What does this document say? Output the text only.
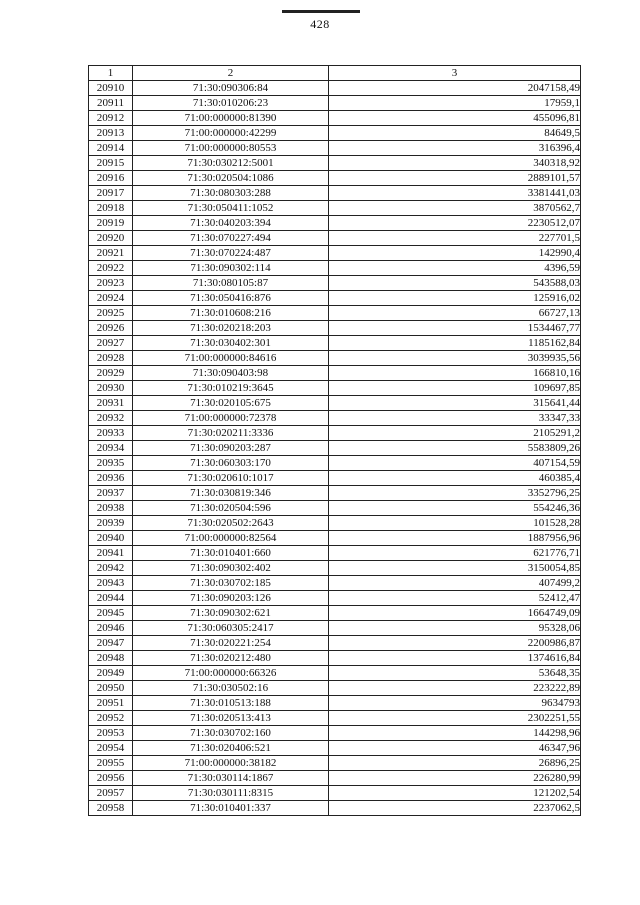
428
1	2	3
20910	71:30:090306:84	2047158,49
20911	71:30:010206:23	17959,1
20912	71:00:000000:81390	455096,81
20913	71:00:000000:42299	84649,5
20914	71:00:000000:80553	316396,4
20915	71:30:030212:5001	340318,92
20916	71:30:020504:1086	2889101,57
20917	71:30:080303:288	3381441,03
20918	71:30:050411:1052	3870562,7
20919	71:30:040203:394	2230512,07
20920	71:30:070227:494	227701,5
20921	71:30:070224:487	142990,4
20922	71:30:090302:114	4396,59
20923	71:30:080105:87	543588,03
20924	71:30:050416:876	125916,02
20925	71:30:010608:216	66727,13
20926	71:30:020218:203	1534467,77
20927	71:30:030402:301	1185162,84
20928	71:00:000000:84616	3039935,56
20929	71:30:090403:98	166810,16
20930	71:30:010219:3645	109697,85
20931	71:30:020105:675	315641,44
20932	71:00:000000:72378	33347,33
20933	71:30:020211:3336	2105291,2
20934	71:30:090203:287	5583809,26
20935	71:30:060303:170	407154,59
20936	71:30:020610:1017	460385,4
20937	71:30:030819:346	3352796,25
20938	71:30:020504:596	554246,36
20939	71:30:020502:2643	101528,28
20940	71:00:000000:82564	1887956,96
20941	71:30:010401:660	621776,71
20942	71:30:090302:402	3150054,85
20943	71:30:030702:185	407499,2
20944	71:30:090203:126	52412,47
20945	71:30:090302:621	1664749,09
20946	71:30:060305:2417	95328,06
20947	71:30:020221:254	2200986,87
20948	71:30:020212:480	1374616,84
20949	71:00:000000:66326	53648,35
20950	71:30:030502:16	223222,89
20951	71:30:010513:188	9634793
20952	71:30:020513:413	2302251,55
20953	71:30:030702:160	144298,96
20954	71:30:020406:521	46347,96
20955	71:00:000000:38182	26896,25
20956	71:30:030114:1867	226280,99
20957	71:30:030111:8315	121202,54
20958	71:30:010401:337	2237062,5
